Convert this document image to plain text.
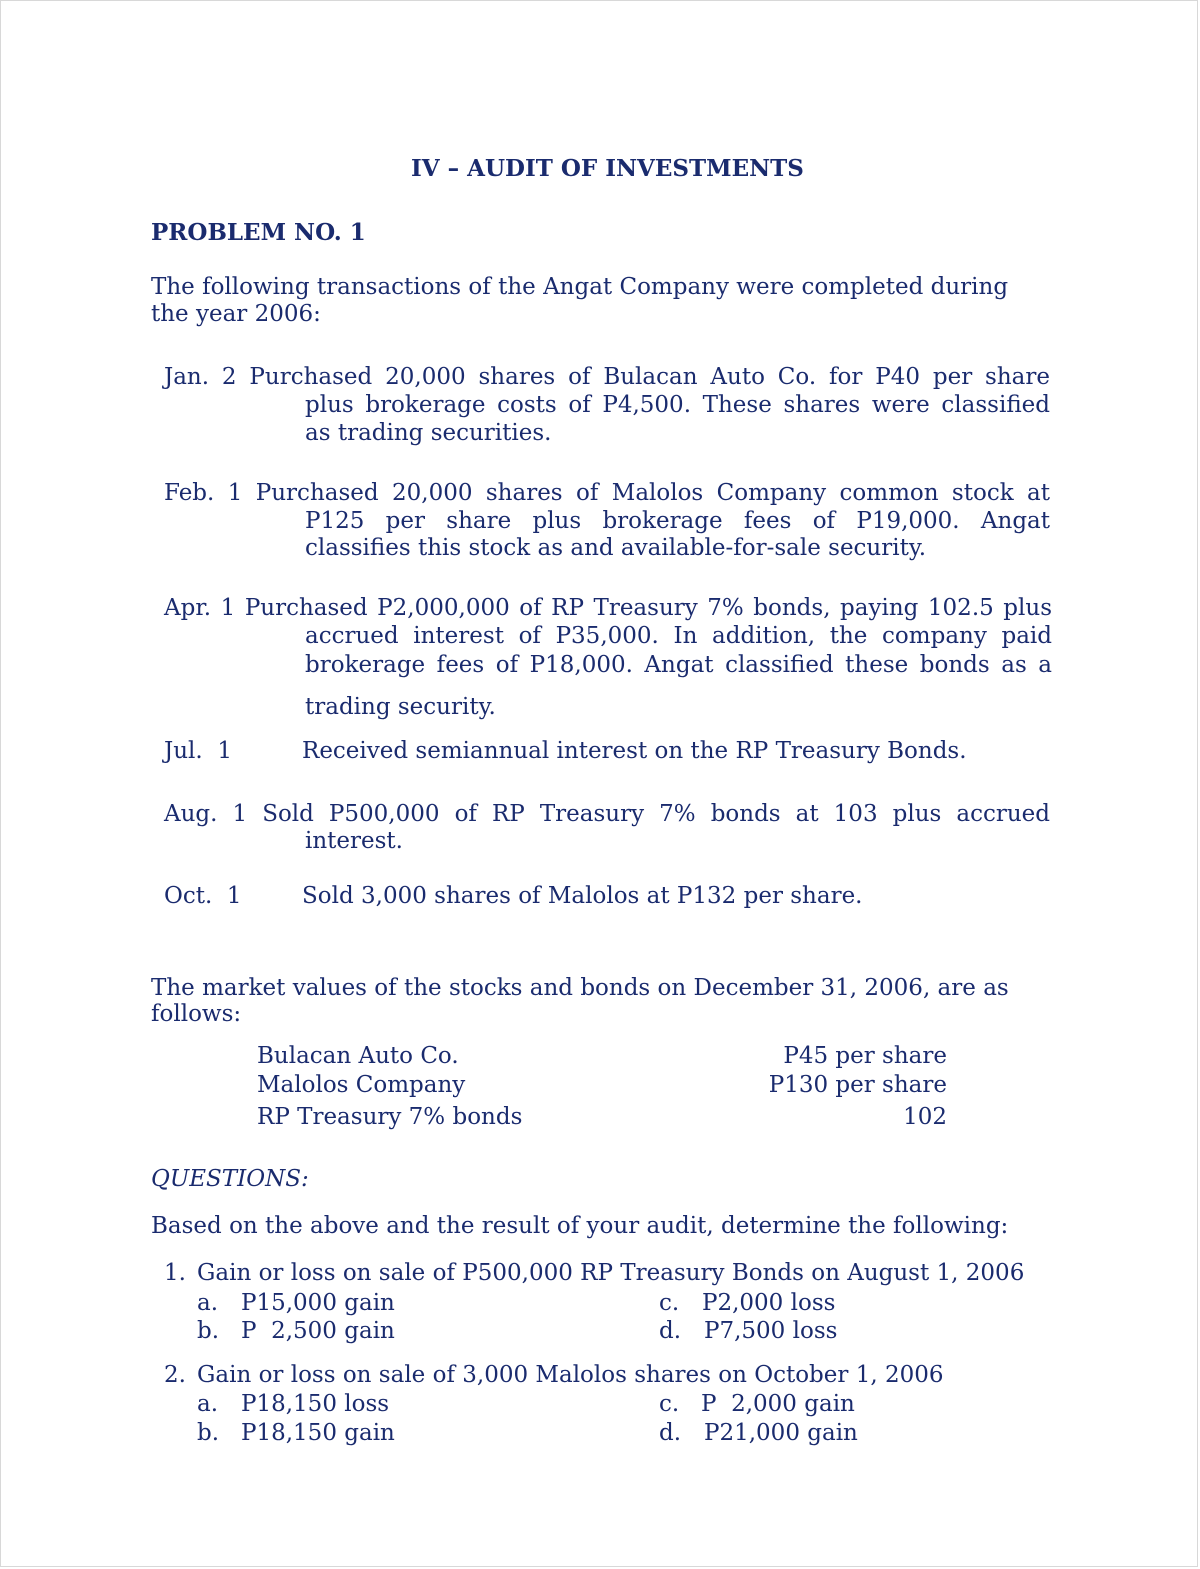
IV – AUDIT OF INVESTMENTS
PROBLEM NO. 1
The following transactions of the Angat Company were completed during
the year 2006:
Jan. 2 Purchased 20,000 shares of Bulacan Auto Co. for P40 per share
plus brokerage costs of P4,500. These shares were classified
as trading securities.
Feb. 1 Purchased 20,000 shares of Malolos Company common stock at
P125 per share plus brokerage fees of P19,000. Angat
classifies this stock as and available-for-sale security.
Apr. 1 Purchased P2,000,000 of RP Treasury 7% bonds, paying 102.5 plus
accrued interest of P35,000. In addition, the company paid
brokerage fees of P18,000. Angat classified these bonds as a
trading security.
Jul.  1	Received semiannual interest on the RP Treasury Bonds.
Aug. 1 Sold P500,000 of RP Treasury 7% bonds at 103 plus accrued
interest.
Oct.  1	Sold 3,000 shares of Malolos at P132 per share.
The market values of the stocks and bonds on December 31, 2006, are as
follows:
Bulacan Auto Co.	P45 per share
Malolos Company	P130 per share
RP Treasury 7% bonds	102
QUESTIONS:
Based on the above and the result of your audit, determine the following:
1. Gain or loss on sale of P500,000 RP Treasury Bonds on August 1, 2006
a. P15,000 gain
b. P  2,500 gain
c. P2,000 loss
d. P7,500 loss
2. Gain or loss on sale of 3,000 Malolos shares on October 1, 2006
a. P18,150 loss
b. P18,150 gain
c. P  2,000 gain
d. P21,000 gain
